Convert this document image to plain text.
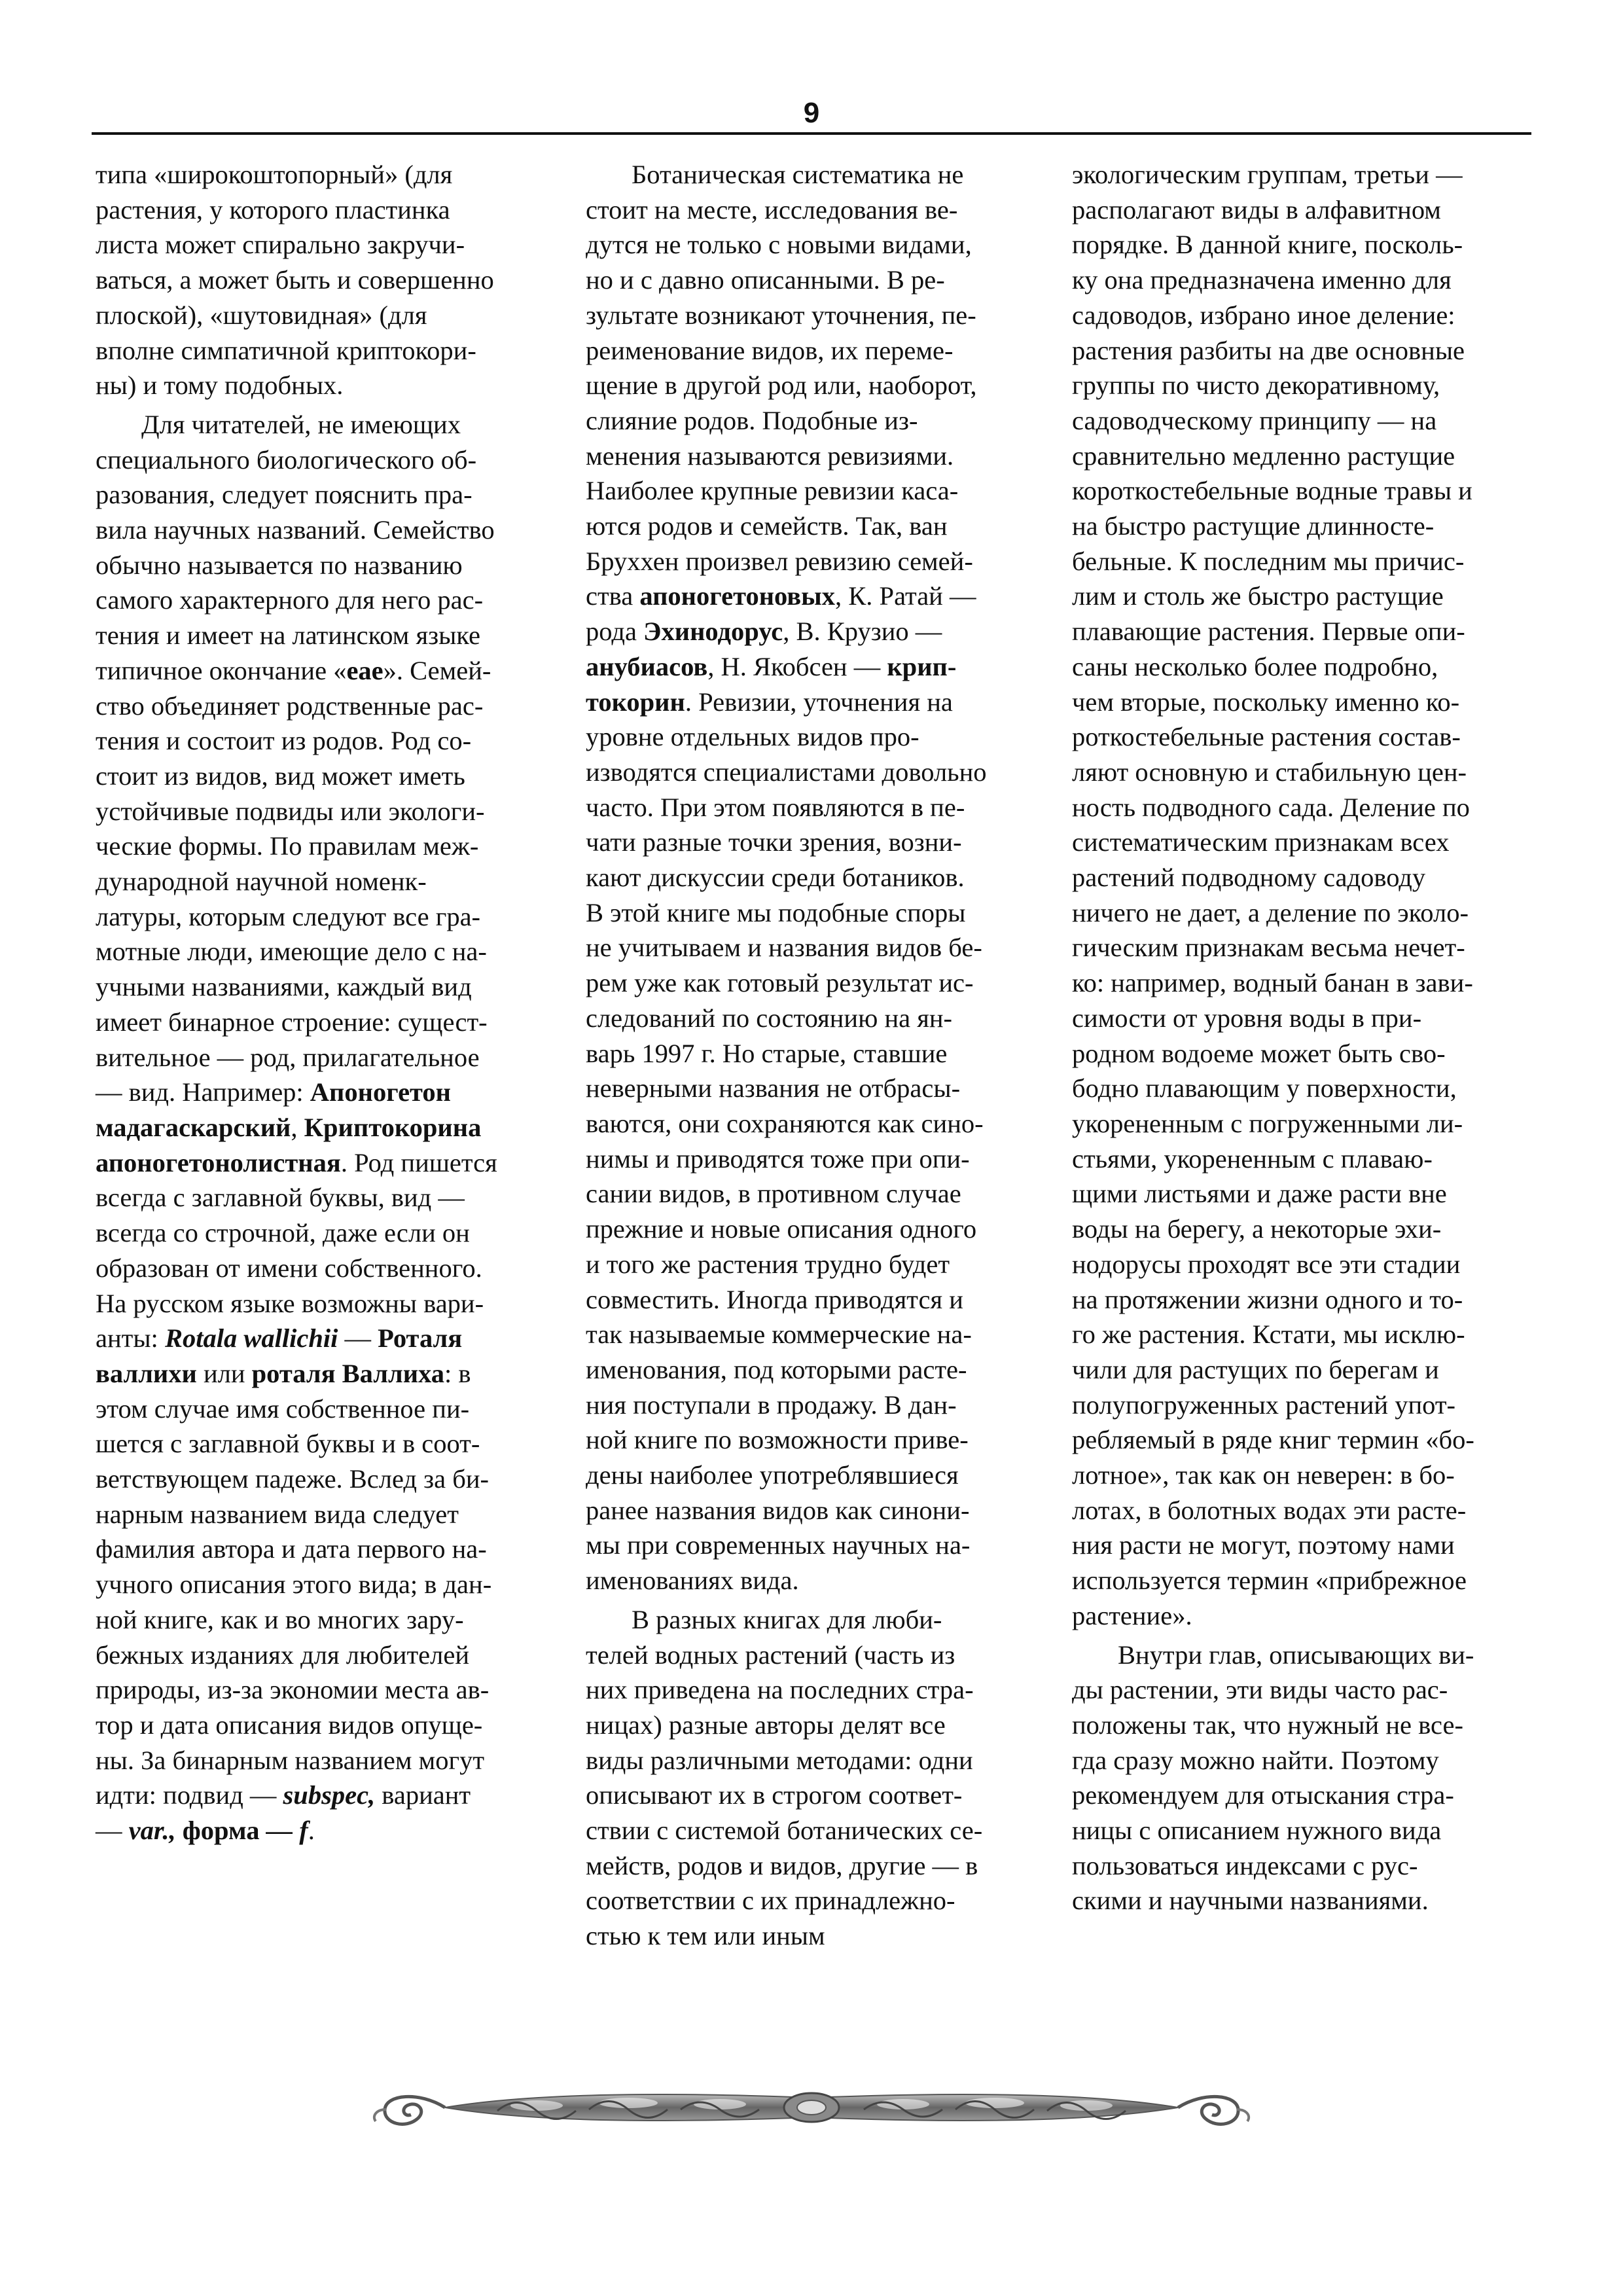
9

типа «широкоштопорный» (для
растения, у которого пластинка
листа может спирально закручи-
ваться, а может быть и совершенно
плоской), «шутовидная» (для
вполне симпатичной криптокори-
ны) и тому подобных.

Для читателей, не имеющих
специального биологического об-
разования, следует пояснить пра-
вила научных названий. Семейство
обычно называется по названию
самого характерного для него рас-
тения и имеет на латинском языке
типичное окончание «eae». Семей-
ство объединяет родственные рас-
тения и состоит из родов. Род со-
стоит из видов, вид может иметь
устойчивые подвиды или экологи-
ческие формы. По правилам меж-
дународной научной номенк-
латуры, которым следуют все гра-
мотные люди, имеющие дело с на-
учными названиями, каждый вид
имеет бинарное строение: сущест-
вительное — род, прилагательное
— вид. Например: Апоногетон
мадагаскарский, Криптокорина
апоногетонолистная. Род пишется
всегда с заглавной буквы, вид —
всегда со строчной, даже если он
образован от имени собственного.
На русском языке возможны вари-
анты: Rotala wallichii — Роталя
валлихи или роталя Валлиха: в
этом случае имя собственное пи-
шется с заглавной буквы и в соот-
ветствующем падеже. Вслед за би-
нарным названием вида следует
фамилия автора и дата первого на-
учного описания этого вида; в дан-
ной книге, как и во многих зару-
бежных изданиях для любителей
природы, из-за экономии места ав-
тор и дата описания видов опуще-
ны. За бинарным названием могут
идти: подвид — subspec, вариант
— var., форма — f.

Ботаническая систематика не
стоит на месте, исследования ве-
дутся не только с новыми видами,
но и с давно описанными. В ре-
зультате возникают уточнения, пе-
реименование видов, их переме-
щение в другой род или, наоборот,
слияние родов. Подобные из-
менения называются ревизиями.
Наиболее крупные ревизии каса-
ются родов и семейств. Так, ван
Бруххен произвел ревизию семей-
ства апоногетоновых, К. Ратай —
рода Эхинодорус, В. Крузио —
анубиасов, Н. Якобсен — крип-
токорин. Ревизии, уточнения на
уровне отдельных видов про-
изводятся специалистами довольно
часто. При этом появляются в пе-
чати разные точки зрения, возни-
кают дискуссии среди ботаников.
В этой книге мы подобные споры
не учитываем и названия видов бе-
рем уже как готовый результат ис-
следований по состоянию на ян-
варь 1997 г. Но старые, ставшие
неверными названия не отбрасы-
ваются, они сохраняются как сино-
нимы и приводятся тоже при опи-
сании видов, в противном случае
прежние и новые описания одного
и того же растения трудно будет
совместить. Иногда приводятся и
так называемые коммерческие на-
именования, под которыми расте-
ния поступали в продажу. В дан-
ной книге по возможности приве-
дены наиболее употреблявшиеся
ранее названия видов как синони-
мы при современных научных на-
именованиях вида.

В разных книгах для люби-
телей водных растений (часть из
них приведена на последних стра-
ницах) разные авторы делят все
виды различными методами: одни
описывают их в строгом соответ-
ствии с системой ботанических се-
мейств, родов и видов, другие — в
соответствии с их принадлежно-
стью к тем или иным

экологическим группам, третьи —
располагают виды в алфавитном
порядке. В данной книге, посколь-
ку она предназначена именно для
садоводов, избрано иное деление:
растения разбиты на две основные
группы по чисто декоративному,
садоводческому принципу — на
сравнительно медленно растущие
короткостебельные водные травы и
на быстро растущие длинносте-
бельные. К последним мы причис-
лим и столь же быстро растущие
плавающие растения. Первые опи-
саны несколько более подробно,
чем вторые, поскольку именно ко-
роткостебельные растения состав-
ляют основную и стабильную цен-
ность подводного сада. Деление по
систематическим признакам всех
растений подводному садоводу
ничего не дает, а деление по эколо-
гическим признакам весьма нечет-
ко: например, водный банан в зави-
симости от уровня воды в при-
родном водоеме может быть сво-
бодно плавающим у поверхности,
укорененным с погруженными ли-
стьями, укорененным с плаваю-
щими листьями и даже расти вне
воды на берегу, а некоторые эхи-
нодорусы проходят все эти стадии
на протяжении жизни одного и то-
го же растения. Кстати, мы исклю-
чили для растущих по берегам и
полупогруженных растений упот-
ребляемый в ряде книг термин «бо-
лотное», так как он неверен: в бо-
лотах, в болотных водах эти расте-
ния расти не могут, поэтому нами
используется термин «прибрежное
растение».

Внутри глав, описывающих ви-
ды растении, эти виды часто рас-
положены так, что нужный не все-
гда сразу можно найти. Поэтому
рекомендуем для отыскания стра-
ницы с описанием нужного вида
пользоваться индексами с рус-
скими и научными названиями.
